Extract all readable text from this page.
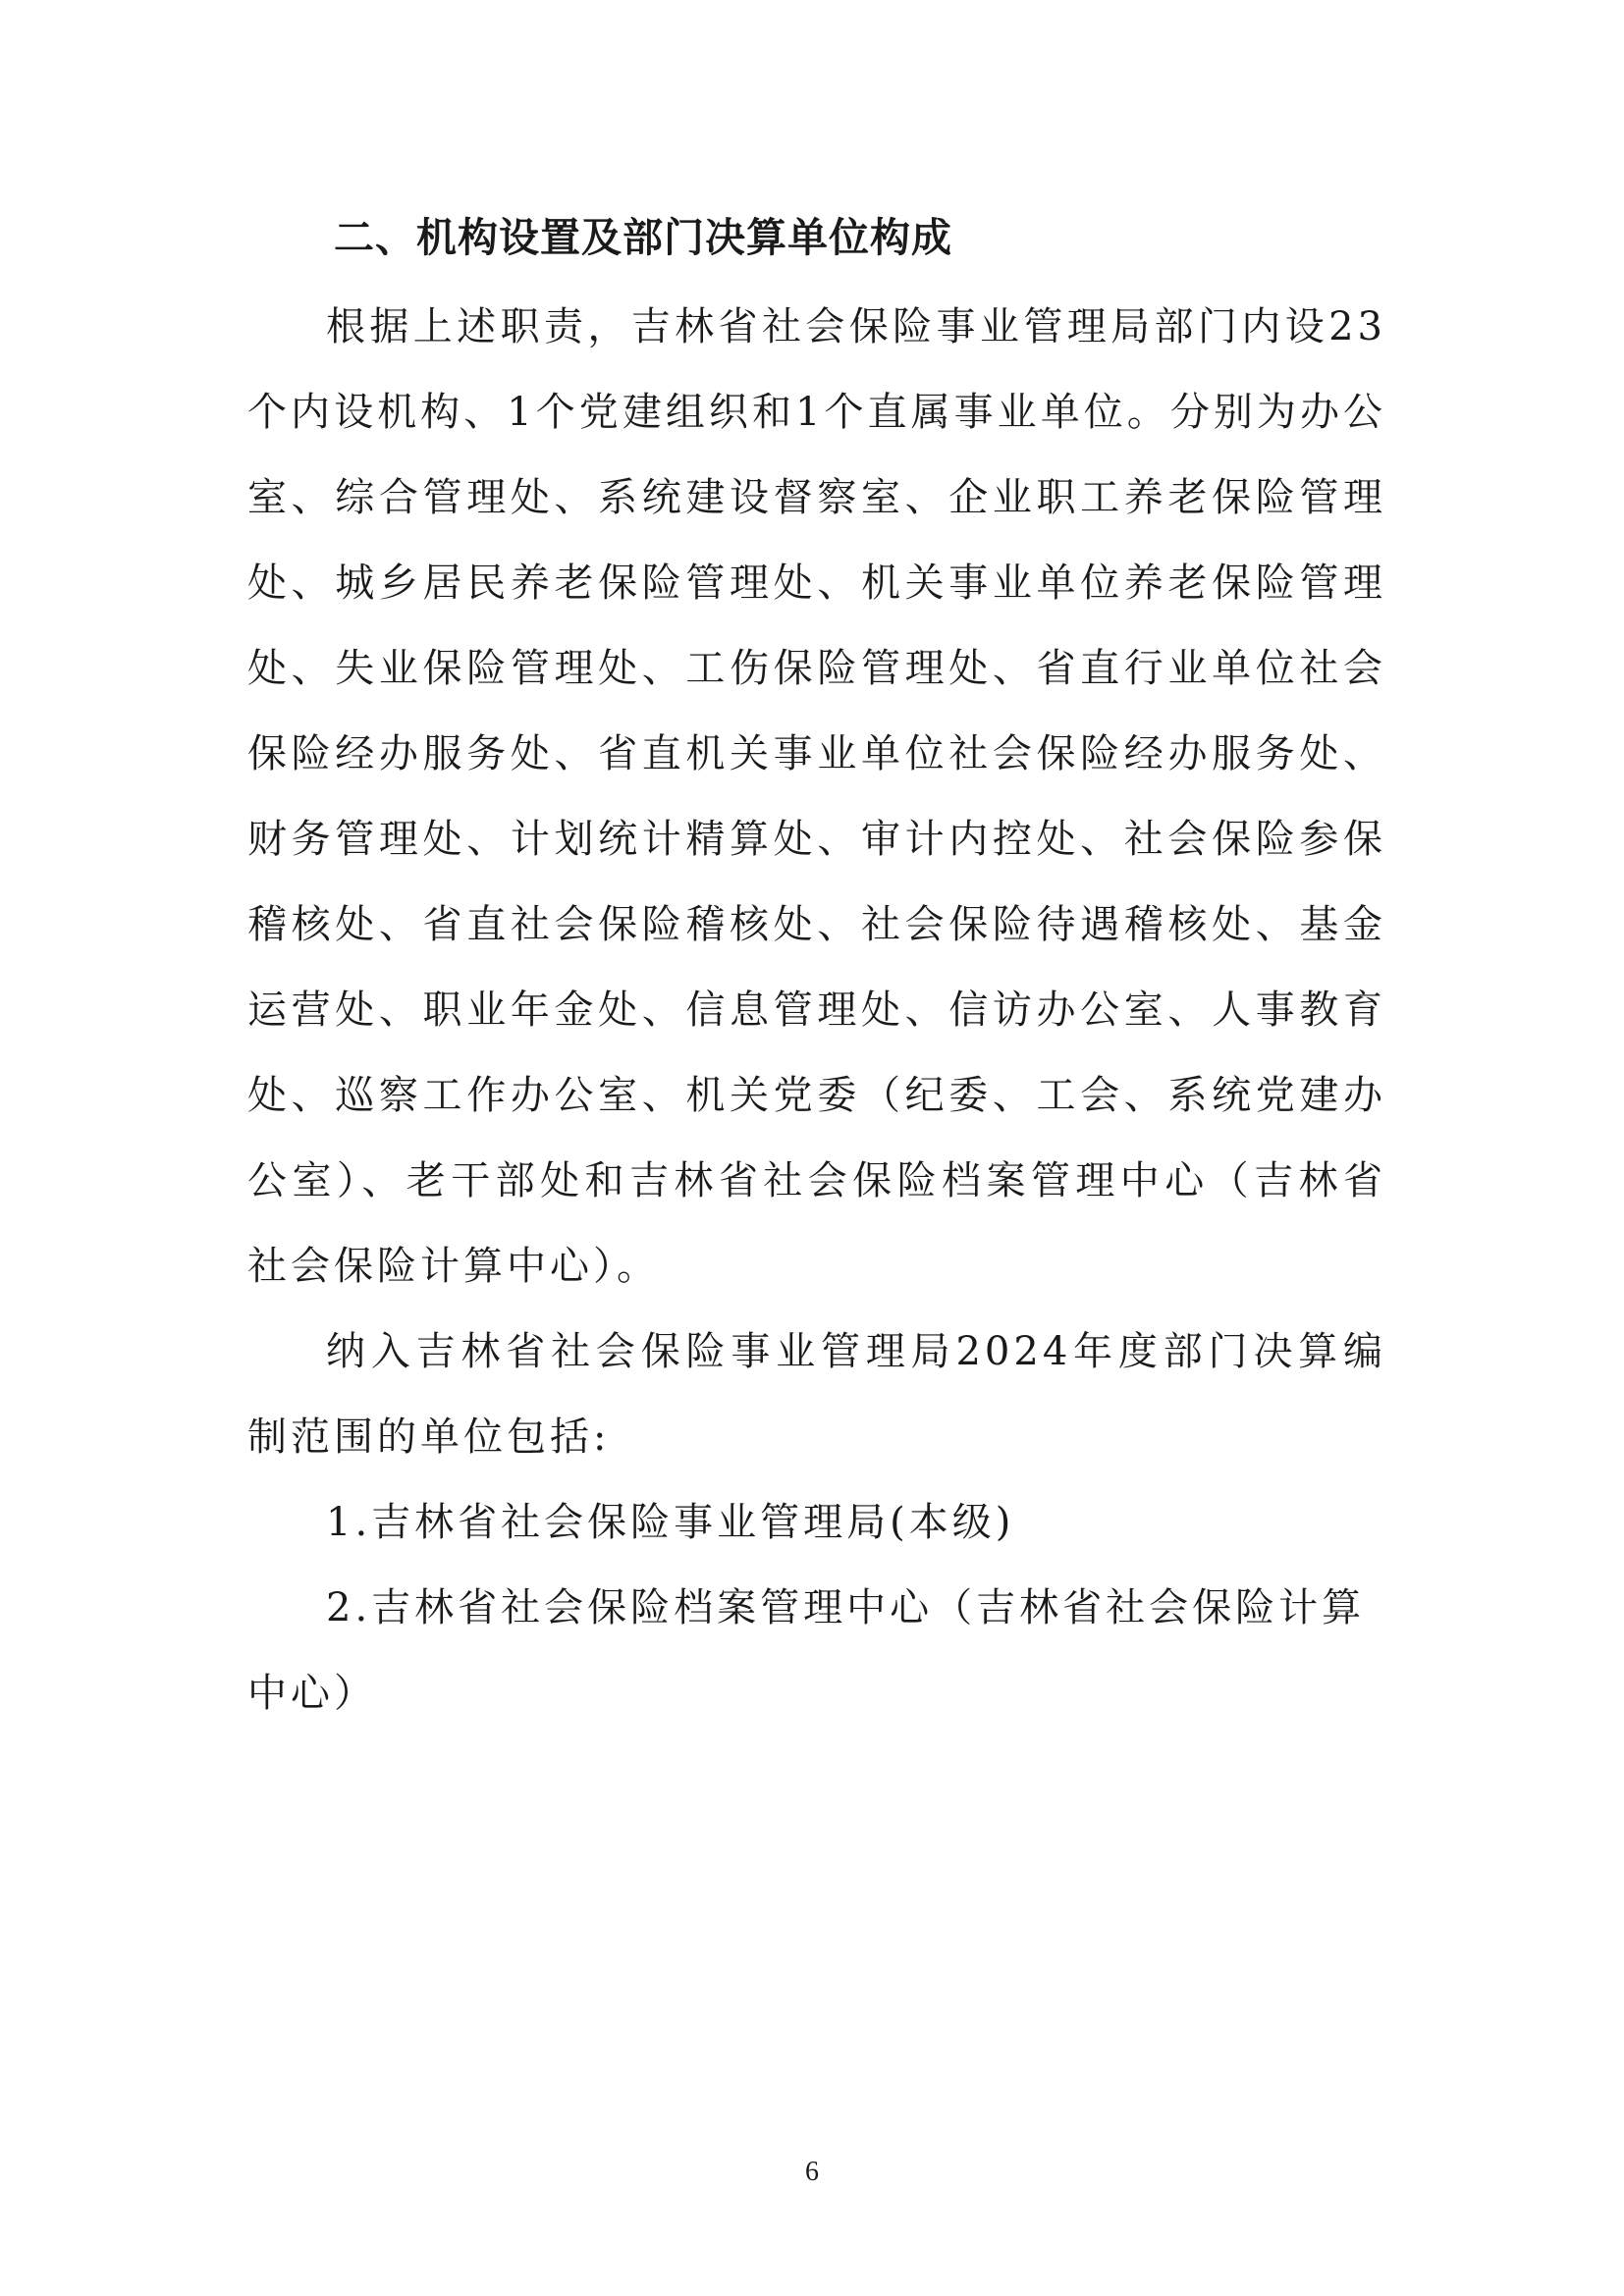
二、机构设置及部门决算单位构成

根据上述职责，吉林省社会保险事业管理局部门内设23个内设机构、1个党建组织和1个直属事业单位。分别为办公室、综合管理处、系统建设督察室、企业职工养老保险管理处、城乡居民养老保险管理处、机关事业单位养老保险管理处、失业保险管理处、工伤保险管理处、省直行业单位社会保险经办服务处、省直机关事业单位社会保险经办服务处、财务管理处、计划统计精算处、审计内控处、社会保险参保稽核处、省直社会保险稽核处、社会保险待遇稽核处、基金运营处、职业年金处、信息管理处、信访办公室、人事教育处、巡察工作办公室、机关党委（纪委、工会、系统党建办公室）、老干部处和吉林省社会保险档案管理中心（吉林省社会保险计算中心）。

纳入吉林省社会保险事业管理局2024年度部门决算编制范围的单位包括:

1.吉林省社会保险事业管理局(本级)
2.吉林省社会保险档案管理中心（吉林省社会保险计算中心）
6
